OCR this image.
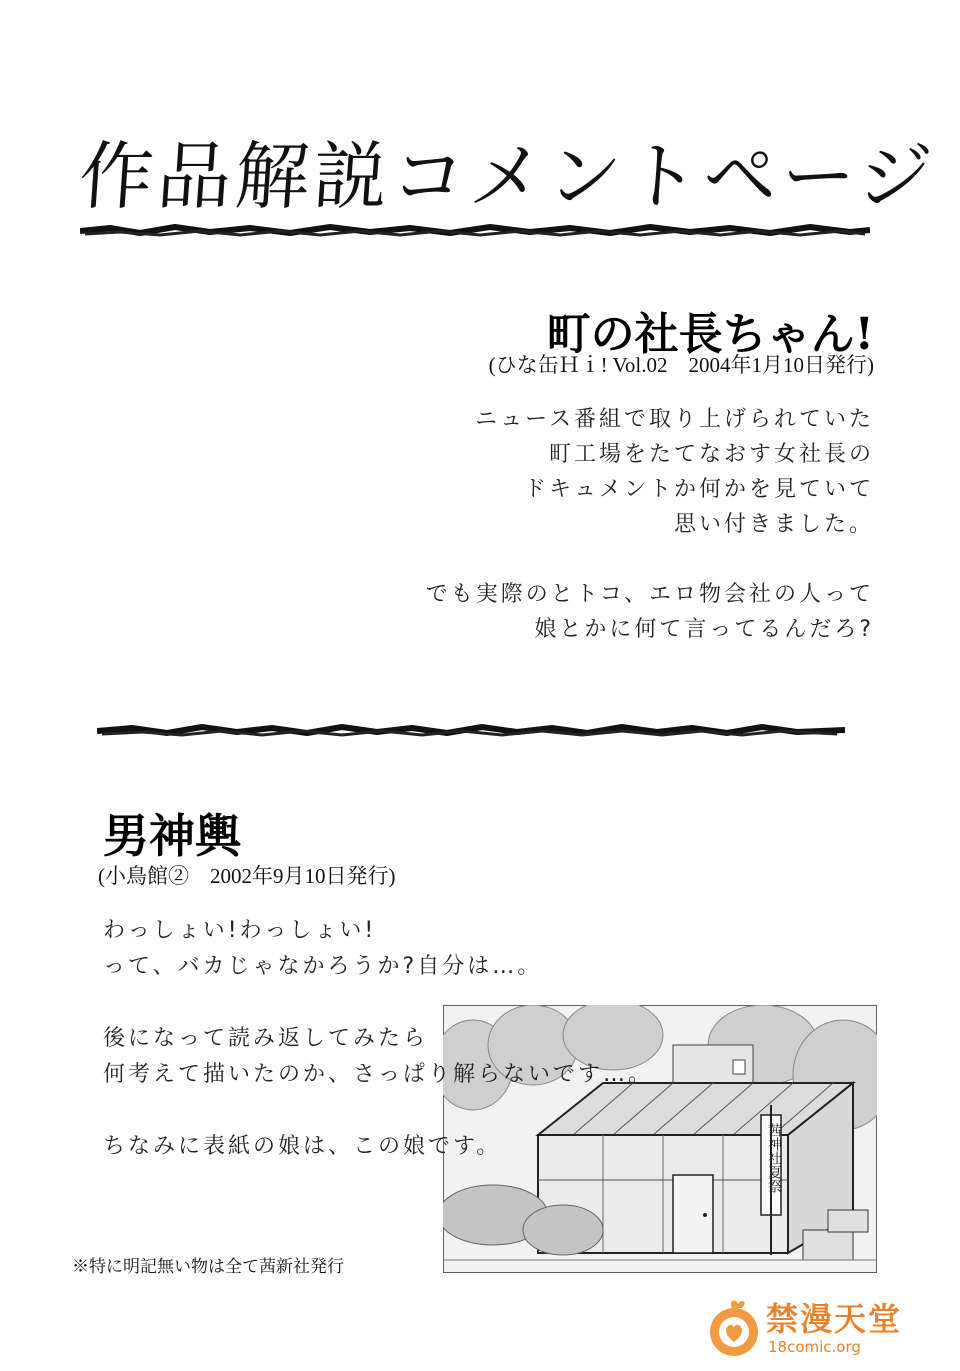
作品解説コメントページ
町の社長ちゃん!
(ひな缶Ｈｉ! Vol.02　2004年1月10日発行)
ニュース番組で取り上げられていた
町工場をたてなおす女社長の
ドキュメントか何かを見ていて
思い付きました。
でも実際のとトコ、エロ物会社の人って
娘とかに何て言ってるんだろ?
男神輿
(小鳥館②　2002年9月10日発行)
茜神社夏祭
わっしょい!わっしょい!
って、バカじゃなかろうか?自分は…。
後になって読み返してみたら
何考えて描いたのか、さっぱり解らないです…。
ちなみに表紙の娘は、この娘です。
※特に明記無い物は全て茜新社発行
禁漫天堂
18comic.org
